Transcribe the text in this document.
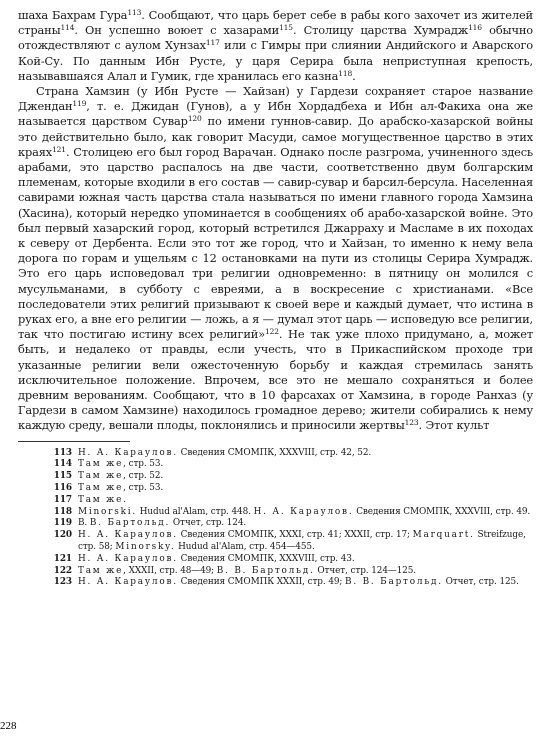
шаха Бахрам Гура$^{113}$. Сообщают, что царь берет себе в рабы кого захочет из жителей страны$^{114}$. Он успешно воюет с хазарами$^{115}$. Столицу царства Хумрадж$^{116}$ обычно отождествляют с аулом Хунзах$^{117}$ или с Гимры при слиянии Андийского и Аварского Кой-Су. По данным Ибн Русте, у царя Серира была неприступная крепость, называвшаяся Алал и Гумик, где хранилась его казна$^{118}$.

Страна Хамзин (у Ибн Русте — Хайзан) у Гардези сохраняет старое название Джендан$^{119}$, т. е. Джидан (Гунов), а у Ибн Хордадбеха и Ибн ал-Факиха она же называется царством Сувар$^{120}$ по имени гуннов-савир. До арабско-хазарской войны это действительно было, как говорит Масуди, самое могущественное царство в этих краях$^{121}$. Столицею его был город Варачан. Однако после разгрома, учиненного здесь арабами, это царство распалось на две части, соответственно двум болгарским племенам, которые входили в его состав — савир-сувар и барсил-берсула. Населенная савирами южная часть царства стала называться по имени главного города Хамзина (Хасина), который нередко упоминается в сообщениях об арабо-хазарской войне. Это был первый хазарский город, который встретился Джарраху и Масламе в их походах к северу от Дербента. Если это тот же город, что и Хайзан, то именно к нему вела дорога по горам и ущельям с 12 остановками на пути из столицы Серира Хумрадж. Это его царь исповедовал три религии одновременно: в пятницу он молился с мусульманами, в субботу с евреями, а в воскресение с христианами. «Все последователи этих религий призывают к своей вере и каждый думает, что истина в руках его, а вне его религии — ложь, а я — думал этот царь — исповедую все религии, так что постигаю истину всех религий»$^{122}$. Не так уже плохо придумано, а, может быть, и недалеко от правды, если учесть, что в Прикаспийском проходе три указанные религии вели ожесточенную борьбу и каждая стремилась занять исключительное положение. Впрочем, все это не мешало сохраняться и более древним верованиям. Сообщают, что в 10 фарсахах от Хамзина, в городе Ранхаз (у Гардези в самом Хамзине) находилось громадное дерево; жители собирались к нему каждую среду, вешали плоды, поклонялись и приносили жертвы$^{123}$. Этот культ

113 Н. А. Караулов. Сведения СМОМПК, XXXVIII, стр. 42, 52.
114 Там же, стр. 53.
115 Там же, стр. 52.
116 Там же, стр. 53.
117 Там же.
118 Minorski. Hudud al'Alam, стр. 448. Н. А. Караулов. Сведения СМОМПК, XXXVIII, стр. 49.
119 В. В. Бартольд. Отчет, стр. 124.
120 Н. А. Караулов. Сведения СМОМПК, XXXI, стр. 41; XXXII, стр. 17; Marquart. Streifzuge, стр. 58; Minorsky. Hudud al'Alam, стр. 454—455.
121 Н. А. Караулов. Сведения СМОМПК, XXXVIII, стр. 43.
122 Там же, XXXII, стр. 48—49; В. В. Бартольд. Отчет, стр. 124—125.
123 Н. А. Караулов. Сведения СМОМПК XXXII, стр. 49; В. В. Бартольд. Отчет, стр. 125.
228
